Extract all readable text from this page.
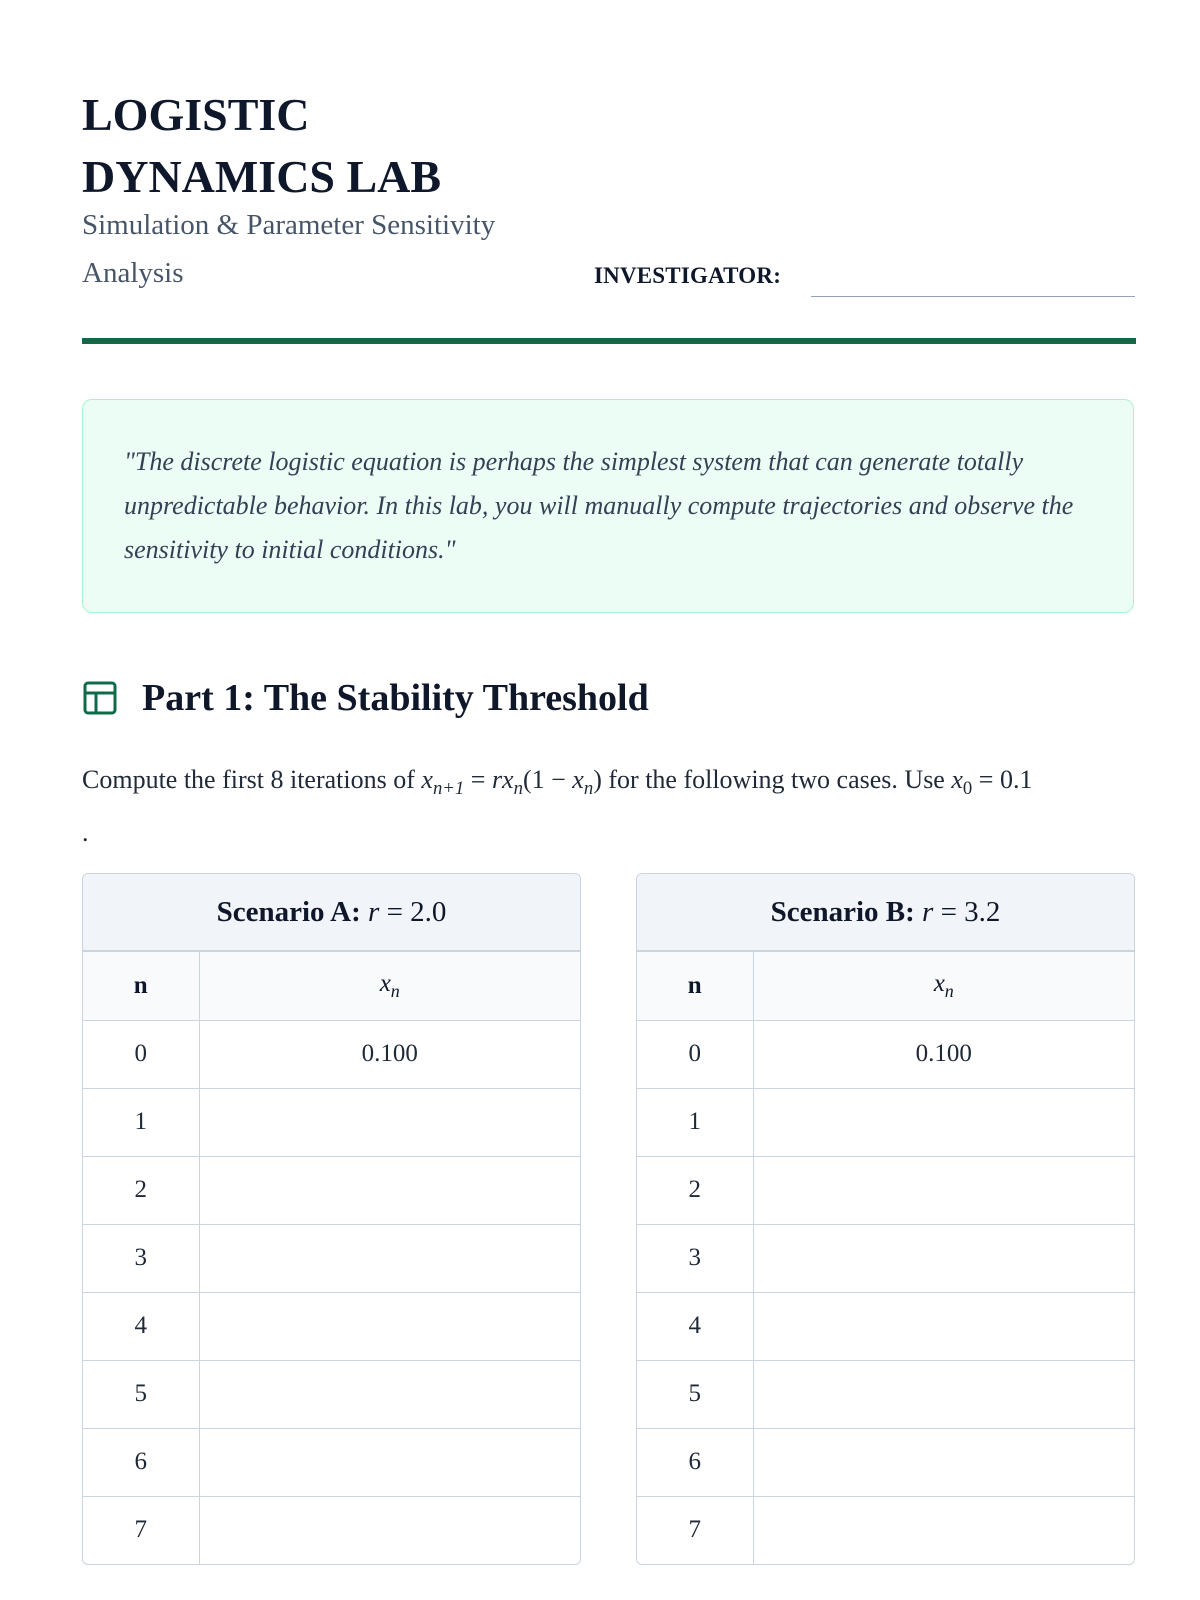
LOGISTIC
DYNAMICS LAB
Simulation & Parameter Sensitivity Analysis	INVESTIGATOR:

"The discrete logistic equation is perhaps the simplest system that can generate totally unpredictable behavior. In this lab, you will manually compute trajectories and observe the sensitivity to initial conditions."

Part 1: The Stability Threshold
Compute the first 8 iterations of $x_{n+1} = rx_n(1 - x_n)$ for the following two cases. Use $x_0 = 0.1$
.
Scenario A: r = 2.0
n	$x_n$
0	0.100
1	
2	
3	
4	
5	
6	
7	
Scenario B: r = 3.2
n	$x_n$
0	0.100
1	
2	
3	
4	
5	
6	
7	
